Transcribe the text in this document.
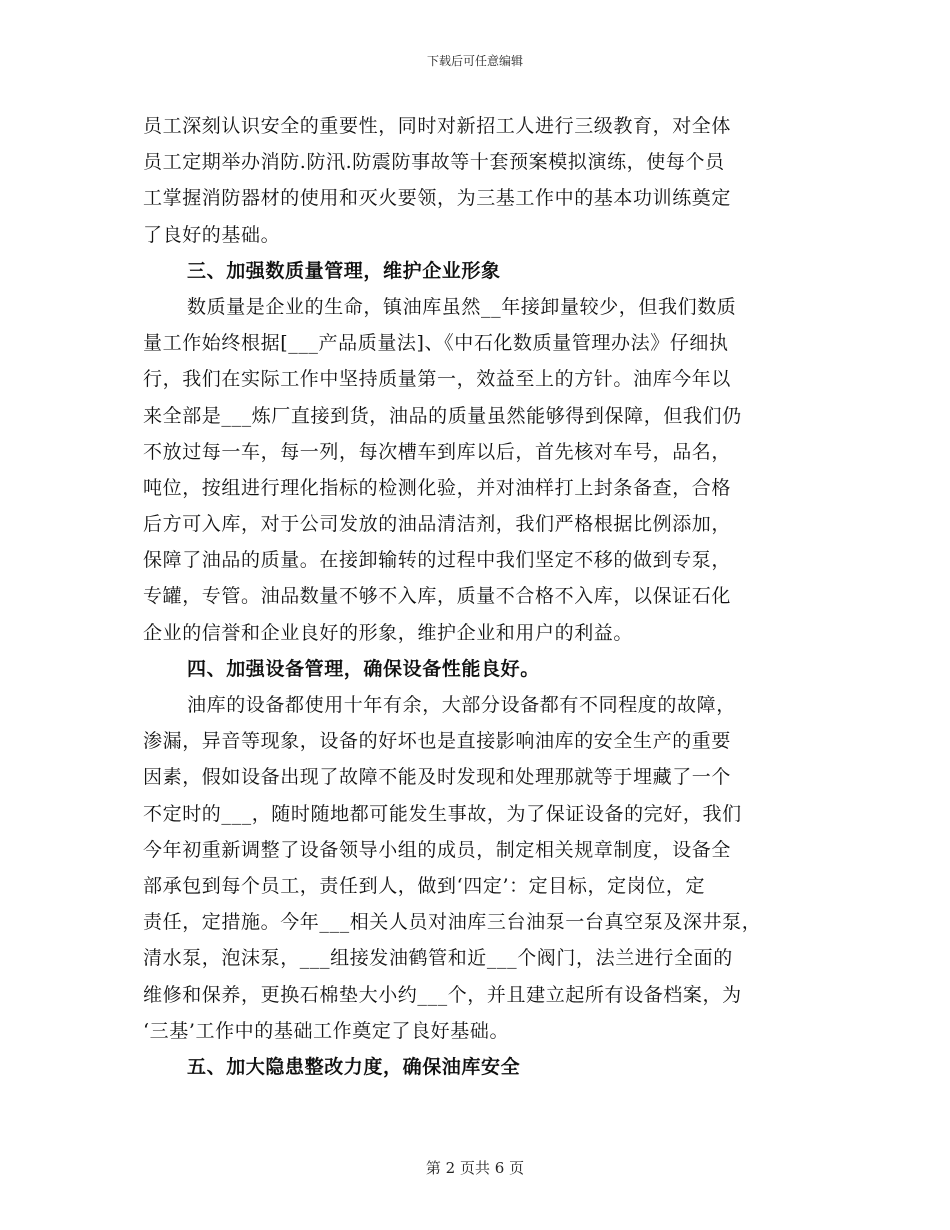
下载后可任意编辑
员工深刻认识安全的重要性，同时对新招工人进行三级教育，对全体
员工定期举办消防.防汛.防震防事故等十套预案模拟演练，使每个员
工掌握消防器材的使用和灭火要领，为三基工作中的基本功训练奠定
了良好的基础。
三、加强数质量管理，维护企业形象
数质量是企业的生命，镇油库虽然__年接卸量较少，但我们数质
量工作始终根据[___产品质量法]、《中石化数质量管理办法》仔细执
行，我们在实际工作中坚持质量第一，效益至上的方针。油库今年以
来全部是___炼厂直接到货，油品的质量虽然能够得到保障，但我们仍
不放过每一车，每一列，每次槽车到库以后，首先核对车号，品名，
吨位，按组进行理化指标的检测化验，并对油样打上封条备查，合格
后方可入库，对于公司发放的油品清洁剂，我们严格根据比例添加，
保障了油品的质量。在接卸输转的过程中我们坚定不移的做到专泵，
专罐，专管。油品数量不够不入库，质量不合格不入库，以保证石化
企业的信誉和企业良好的形象，维护企业和用户的利益。
四、加强设备管理，确保设备性能良好。
油库的设备都使用十年有余，大部分设备都有不同程度的故障，
渗漏，异音等现象，设备的好坏也是直接影响油库的安全生产的重要
因素，假如设备出现了故障不能及时发现和处理那就等于埋藏了一个
不定时的___，随时随地都可能发生事故，为了保证设备的完好，我们
今年初重新调整了设备领导小组的成员，制定相关规章制度，设备全
部承包到每个员工，责任到人，做到‘四定’：定目标，定岗位，定
责任，定措施。今年___相关人员对油库三台油泵一台真空泵及深井泵，
清水泵，泡沫泵，___组接发油鹤管和近___个阀门，法兰进行全面的
维修和保养，更换石棉垫大小约___个，并且建立起所有设备档案，为
‘三基’工作中的基础工作奠定了良好基础。
五、加大隐患整改力度，确保油库安全
第 2 页共 6 页
